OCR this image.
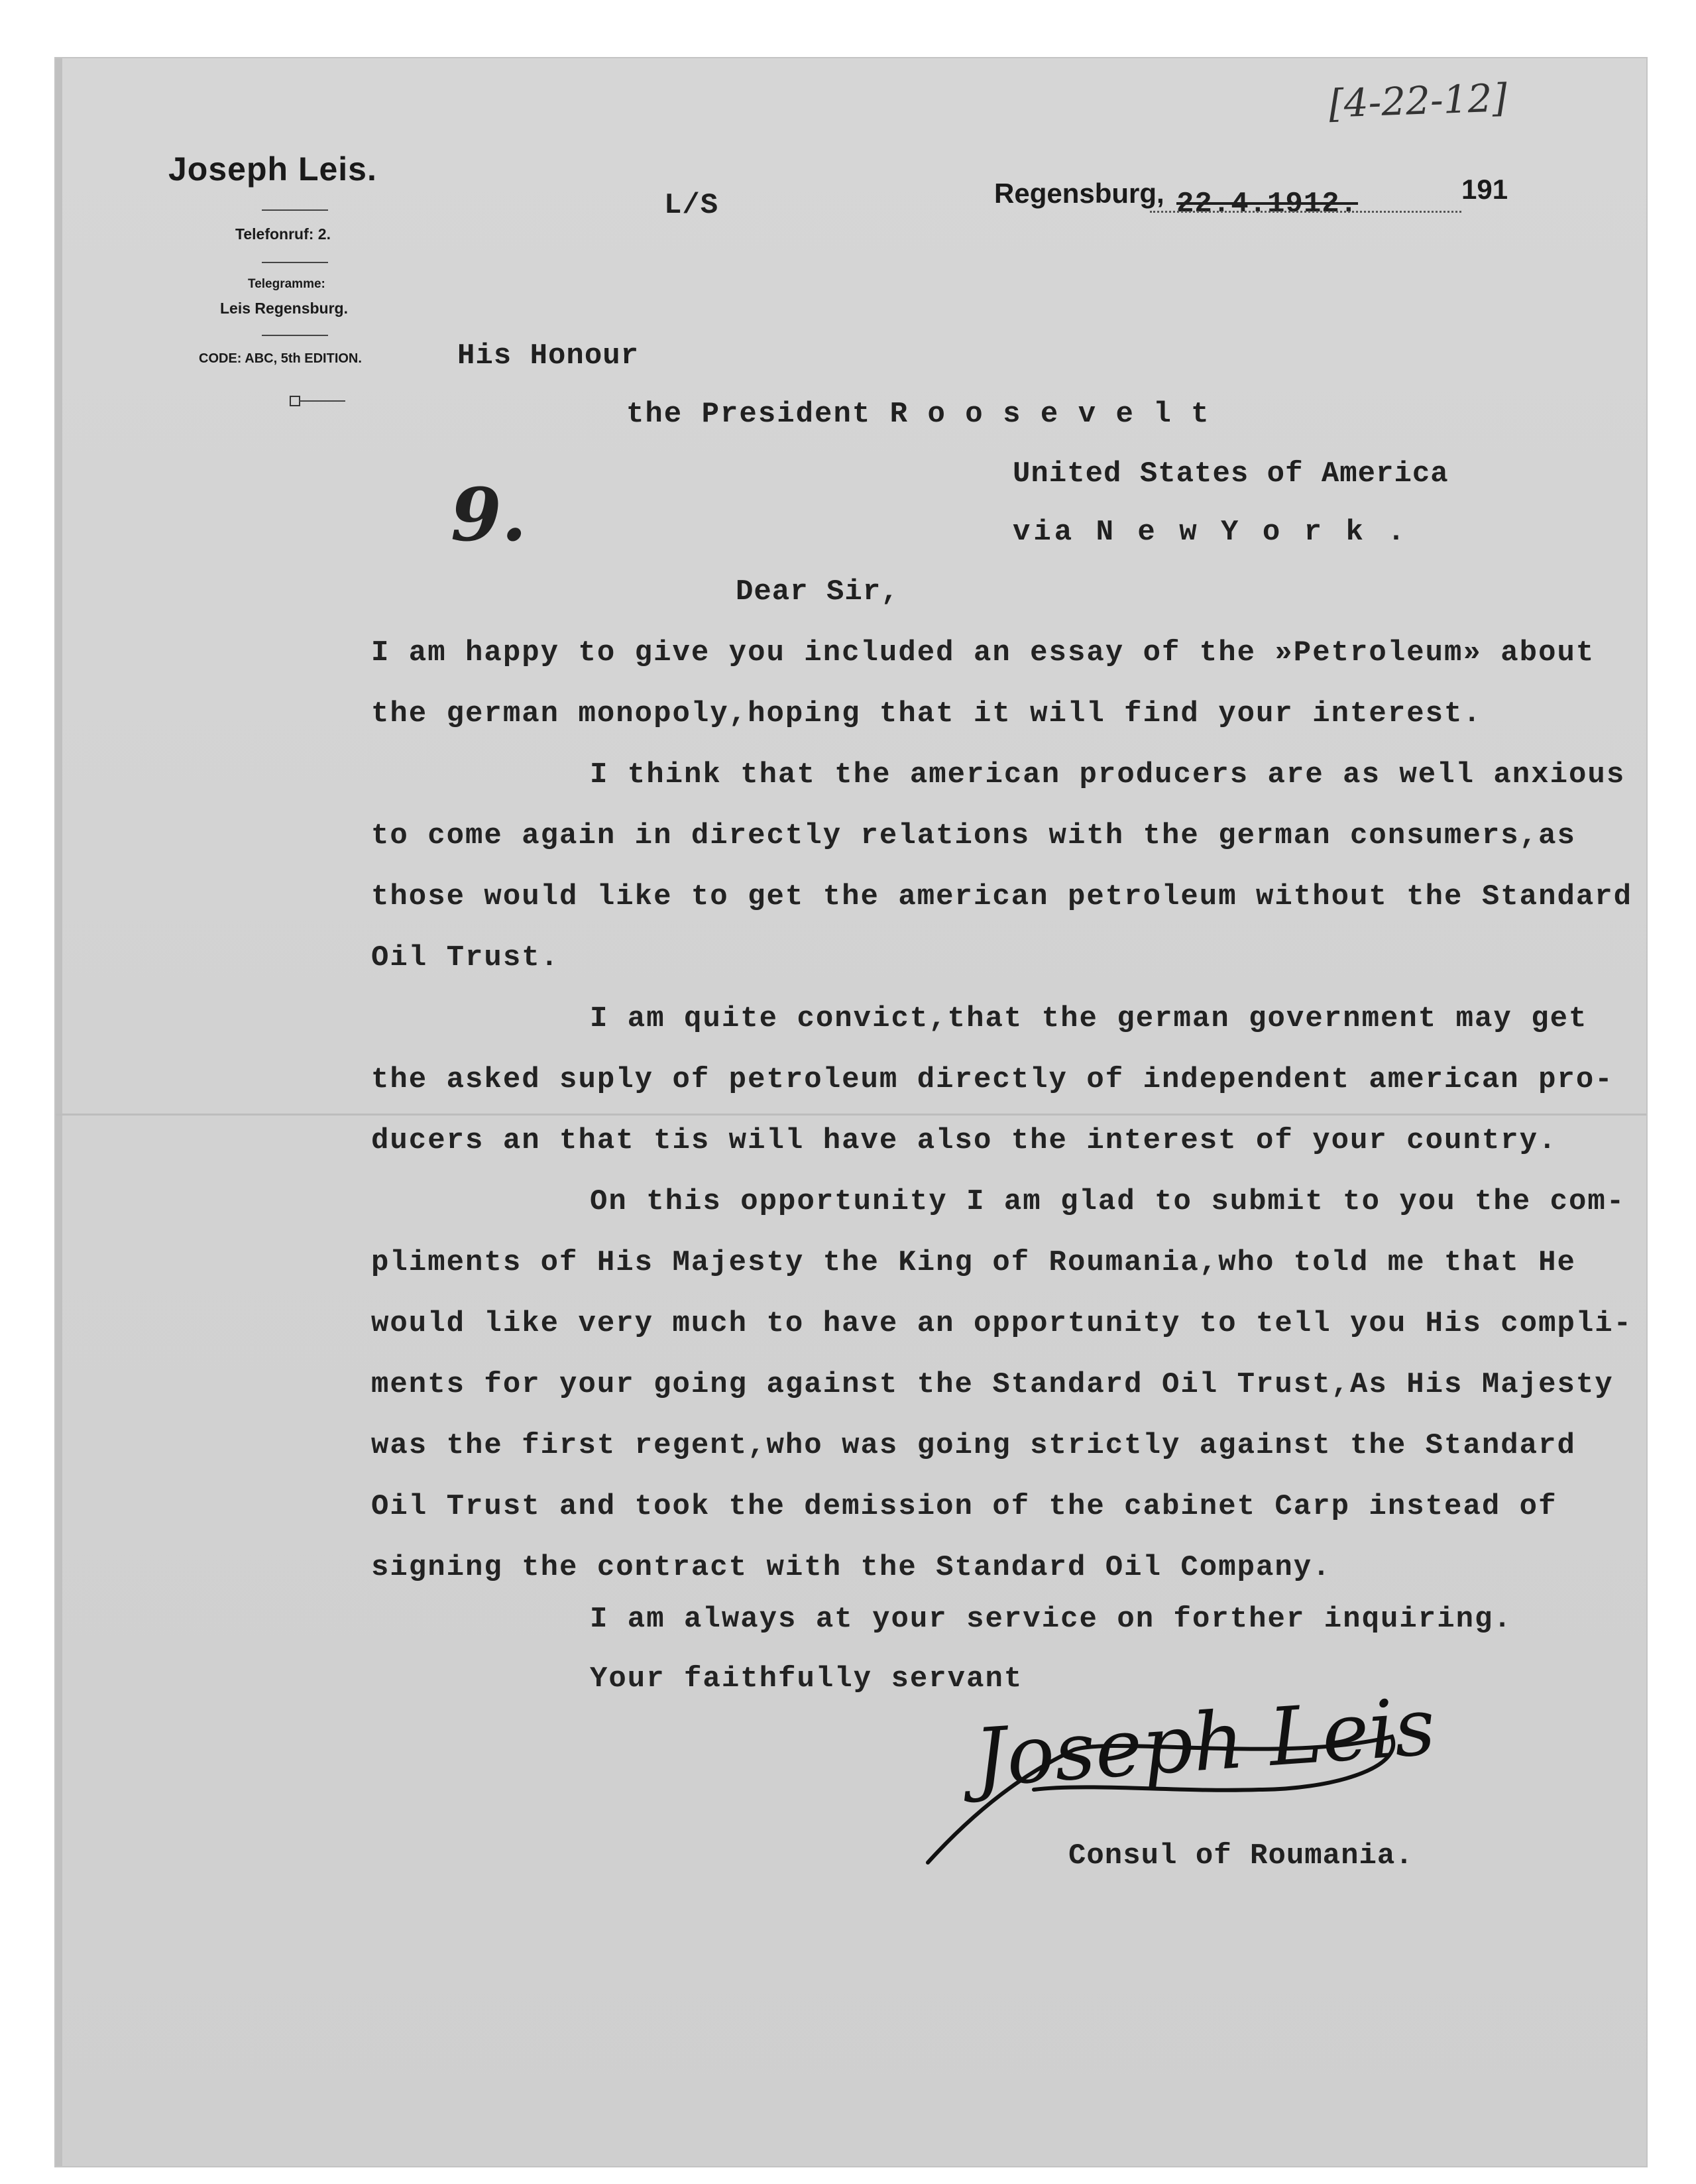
[4-22-12]
Joseph Leis.
Telefonruf: 2.
Telegramme:
Leis Regensburg.
CODE: ABC, 5th EDITION.
L/S	Regensburg, 22.4.1912.	191
His Honour
the President R o o s e v e l t
United States of America
via N e w Y o r k .
9.
Dear Sir,
I am happy to give you included an essay of the »Petroleum» about
the german monopoly,hoping that it will find your interest.
I think that the american producers are as well anxious
to come again in directly relations with the german consumers,as
those would like to get the american petroleum without the Standard
Oil Trust.
I am quite convict,that the german government may get
the asked suply of petroleum directly of independent american pro-
ducers an that tis will have also the interest of your country.
On this opportunity I am glad to submit to you the com-
pliments of His Majesty the King of Roumania,who told me that He
would like very much to have an opportunity to tell you His compli-
ments for your going against the Standard Oil Trust,As His Majesty
was the first regent,who was going strictly against the Standard
Oil Trust and took the demission of the cabinet Carp instead of
signing the contract with the Standard Oil Company.
I am always at your service on forther inquiring.
Your faithfully servant
Joseph Leis
Consul of Roumania.
